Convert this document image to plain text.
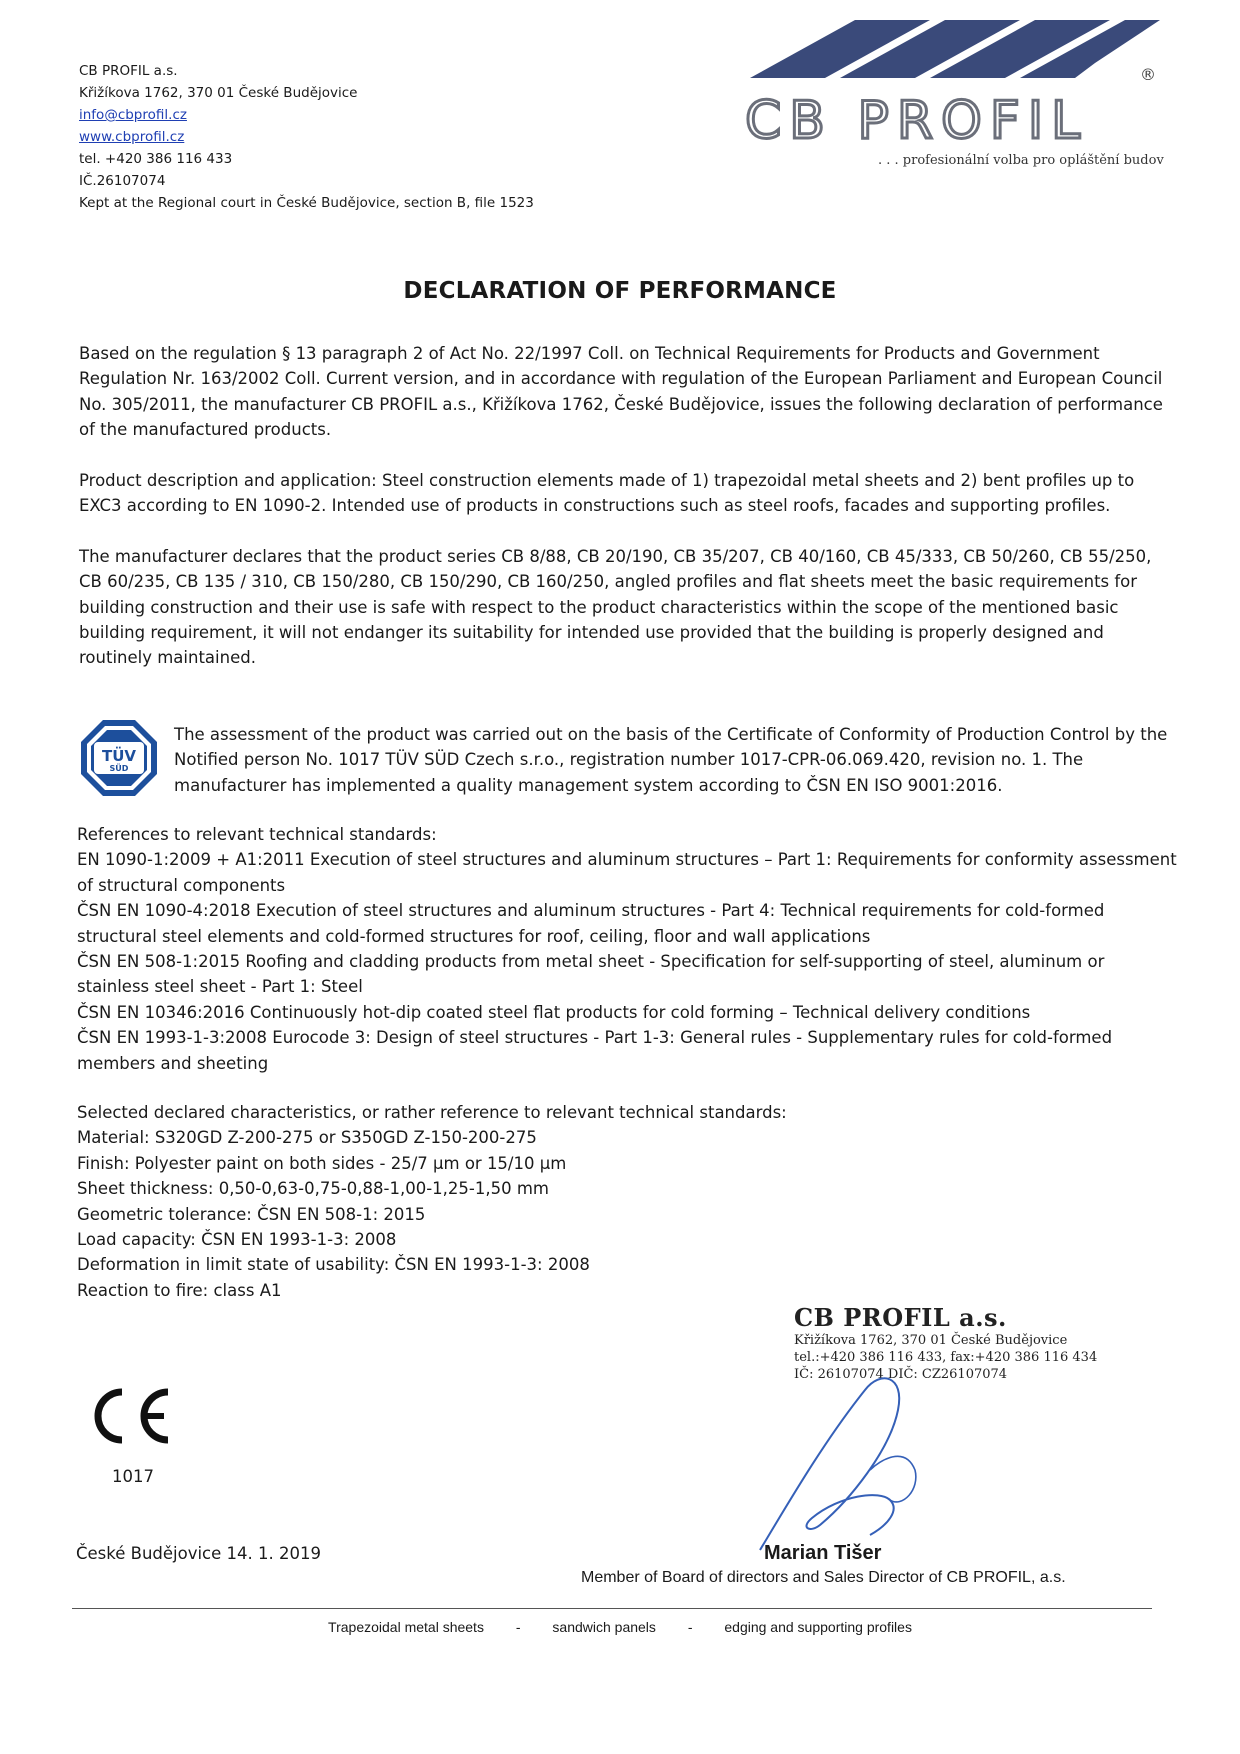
CB PROFIL a.s.
Křižíkova 1762, 370 01 České Budějovice
info@cbprofil.cz
www.cbprofil.cz
tel. +420 386 116 433
IČ.26107074
Kept at the Regional court in České Budějovice, section B, file 1523
CB PROFIL
®
. . . profesionální volba pro opláštění budov
DECLARATION OF PERFORMANCE
Based on the regulation § 13 paragraph 2 of Act No. 22/1997 Coll. on Technical Requirements for Products and Government Regulation Nr. 163/2002 Coll. Current version, and in accordance with regulation of the European Parliament and European Council No. 305/2011, the manufacturer CB PROFIL a.s., Křižíkova 1762, České Budějovice, issues the following declaration of performance of the manufactured products.
Product description and application: Steel construction elements made of 1) trapezoidal metal sheets and 2) bent profiles up to EXC3 according to EN 1090-2. Intended use of products in constructions such as steel roofs, facades and supporting profiles.
The manufacturer declares that the product series CB 8/88, CB 20/190, CB 35/207, CB 40/160, CB 45/333, CB 50/260, CB 55/250, CB 60/235, CB 135 / 310, CB 150/280, CB 150/290, CB 160/250, angled profiles and flat sheets meet the basic requirements for building construction and their use is safe with respect to the product characteristics within the scope of the mentioned basic building requirement, it will not endanger its suitability for intended use provided that the building is properly designed and routinely maintained.
TÜV
SÜD
The assessment of the product was carried out on the basis of the Certificate of Conformity of Production Control by the Notified person No. 1017 TÜV SÜD Czech s.r.o., registration number 1017-CPR-06.069.420, revision no. 1. The manufacturer has implemented a quality management system according to ČSN EN ISO 9001:2016.
References to relevant technical standards:
EN 1090-1:2009 + A1:2011 Execution of steel structures and aluminum structures – Part 1: Requirements for conformity assessment of structural components
ČSN EN 1090-4:2018 Execution of steel structures and aluminum structures - Part 4: Technical requirements for cold-formed structural steel elements and cold-formed structures for roof, ceiling, floor and wall applications
ČSN EN 508-1:2015 Roofing and cladding products from metal sheet - Specification for self-supporting of steel, aluminum or stainless steel sheet - Part 1: Steel
ČSN EN 10346:2016 Continuously hot-dip coated steel flat products for cold forming – Technical delivery conditions
ČSN EN 1993-1-3:2008 Eurocode 3: Design of steel structures - Part 1-3: General rules - Supplementary rules for cold-formed members and sheeting
Selected declared characteristics, or rather reference to relevant technical standards:
Material: S320GD Z-200-275 or S350GD Z-150-200-275
Finish: Polyester paint on both sides - 25/7 µm or 15/10 µm
Sheet thickness: 0,50-0,63-0,75-0,88-1,00-1,25-1,50 mm
Geometric tolerance: ČSN EN 508-1: 2015
Load capacity: ČSN EN 1993-1-3: 2008
Deformation in limit state of usability: ČSN EN 1993-1-3: 2008
Reaction to fire: class A1
1017
České Budějovice 14. 1. 2019
CB PROFIL a.s.
Křižíkova 1762, 370 01 České Budějovice
tel.:+420 386 116 433, fax:+420 386 116 434
IČ: 26107074 DIČ: CZ26107074
Marian Tišer
Member of Board of directors and Sales Director of CB PROFIL, a.s.
Trapezoidal metal sheets - sandwich panels - edging and supporting profiles
